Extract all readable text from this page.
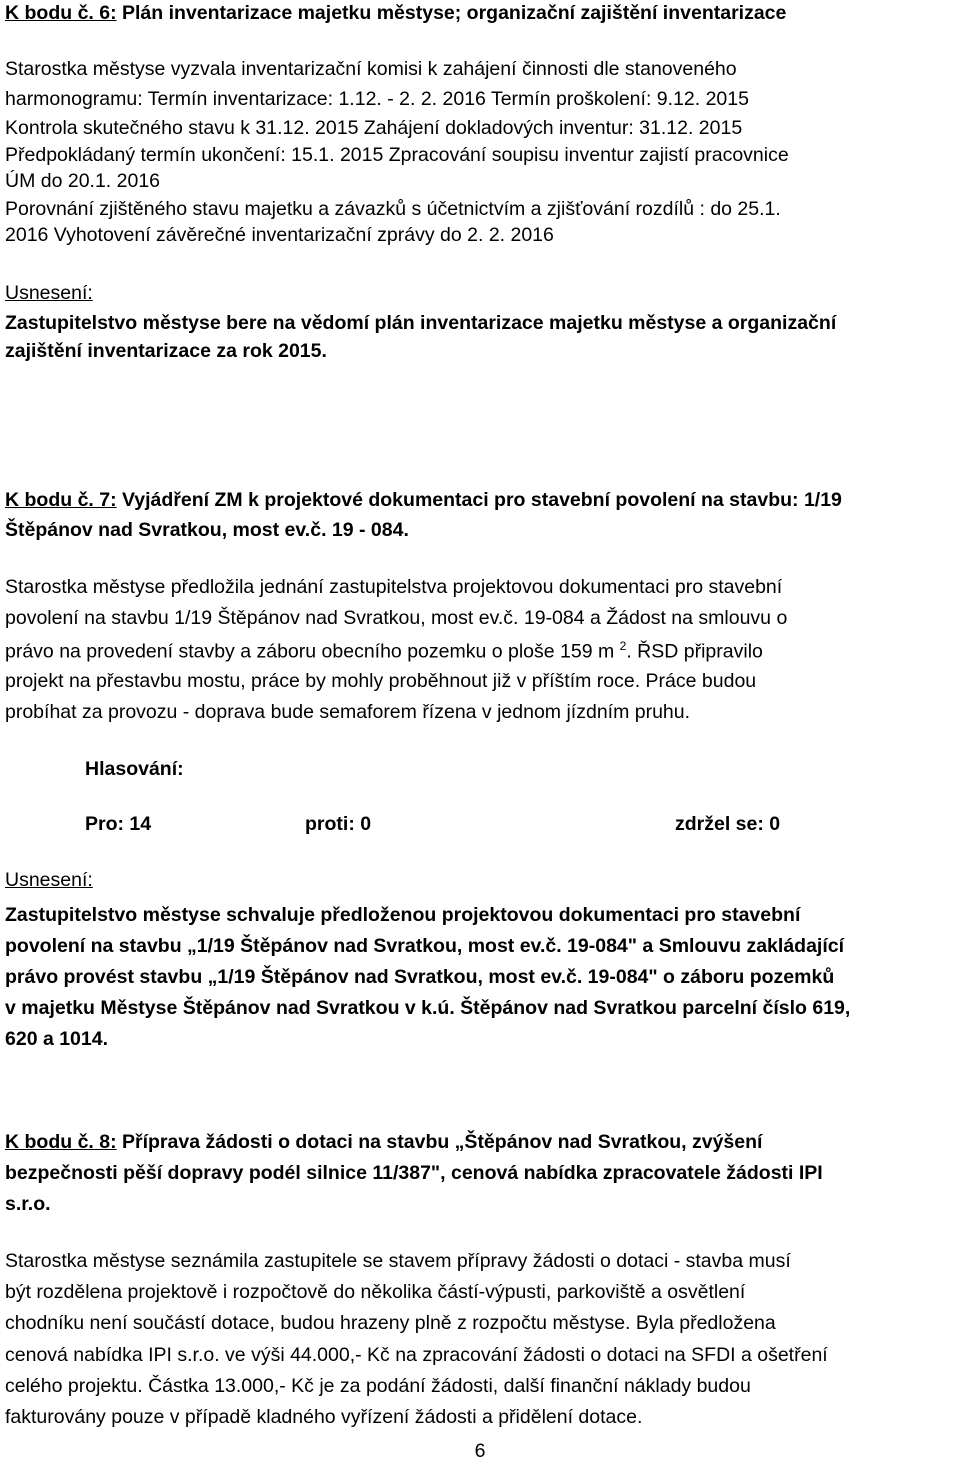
K bodu č. 6: Plán inventarizace majetku městyse; organizační zajištění inventarizace
Starostka městyse vyzvala inventarizační komisi k zahájení činnosti dle stanoveného
harmonogramu: Termín inventarizace: 1.12. - 2. 2. 2016 Termín proškolení: 9.12. 2015
Kontrola skutečného stavu k 31.12. 2015 Zahájení dokladových inventur: 31.12. 2015
Předpokládaný termín ukončení: 15.1. 2015 Zpracování soupisu inventur zajistí pracovnice
ÚM do 20.1. 2016
Porovnání zjištěného stavu majetku a závazků s účetnictvím a zjišťování rozdílů : do 25.1.
2016 Vyhotovení závěrečné inventarizační zprávy do 2. 2. 2016
Usnesení:
Zastupitelstvo městyse bere na vědomí plán inventarizace majetku městyse a organizační
zajištění inventarizace za rok 2015.
K bodu č. 7: Vyjádření ZM k projektové dokumentaci pro stavební povolení na stavbu: 1/19
Štěpánov nad Svratkou, most ev.č. 19 - 084.
Starostka městyse předložila jednání zastupitelstva projektovou dokumentaci pro stavební
povolení na stavbu 1/19 Štěpánov nad Svratkou, most ev.č. 19-084 a Žádost na smlouvu o
právo na provedení stavby a záboru obecního pozemku o ploše 159 m $^2$. ŘSD připravilo
projekt na přestavbu mostu, práce by mohly proběhnout již v příštím roce. Práce budou
probíhat za provozu - doprava bude semaforem řízena v jednom jízdním pruhu.
Hlasování:
Pro: 14	proti: 0	zdržel se: 0
Usnesení:
Zastupitelstvo městyse schvaluje předloženou projektovou dokumentaci pro stavební
povolení na stavbu „1/19 Štěpánov nad Svratkou, most ev.č. 19-084" a Smlouvu zakládající
právo provést stavbu „1/19 Štěpánov nad Svratkou, most ev.č. 19-084" o záboru pozemků
v majetku Městyse Štěpánov nad Svratkou v k.ú. Štěpánov nad Svratkou parcelní číslo 619,
620 a 1014.
K bodu č. 8: Příprava žádosti o dotaci na stavbu „Štěpánov nad Svratkou, zvýšení
bezpečnosti pěší dopravy podél silnice 11/387", cenová nabídka zpracovatele žádosti IPI
s.r.o.
Starostka městyse seznámila zastupitele se stavem přípravy žádosti o dotaci - stavba musí
být rozdělena projektově i rozpočtově do několika částí-výpusti, parkoviště a osvětlení
chodníku není součástí dotace, budou hrazeny plně z rozpočtu městyse. Byla předložena
cenová nabídka IPI s.r.o. ve výši 44.000,- Kč na zpracování žádosti o dotaci na SFDI a ošetření
celého projektu. Částka 13.000,- Kč je za podání žádosti, další finanční náklady budou
fakturovány pouze v případě kladného vyřízení žádosti a přidělení dotace.
6
